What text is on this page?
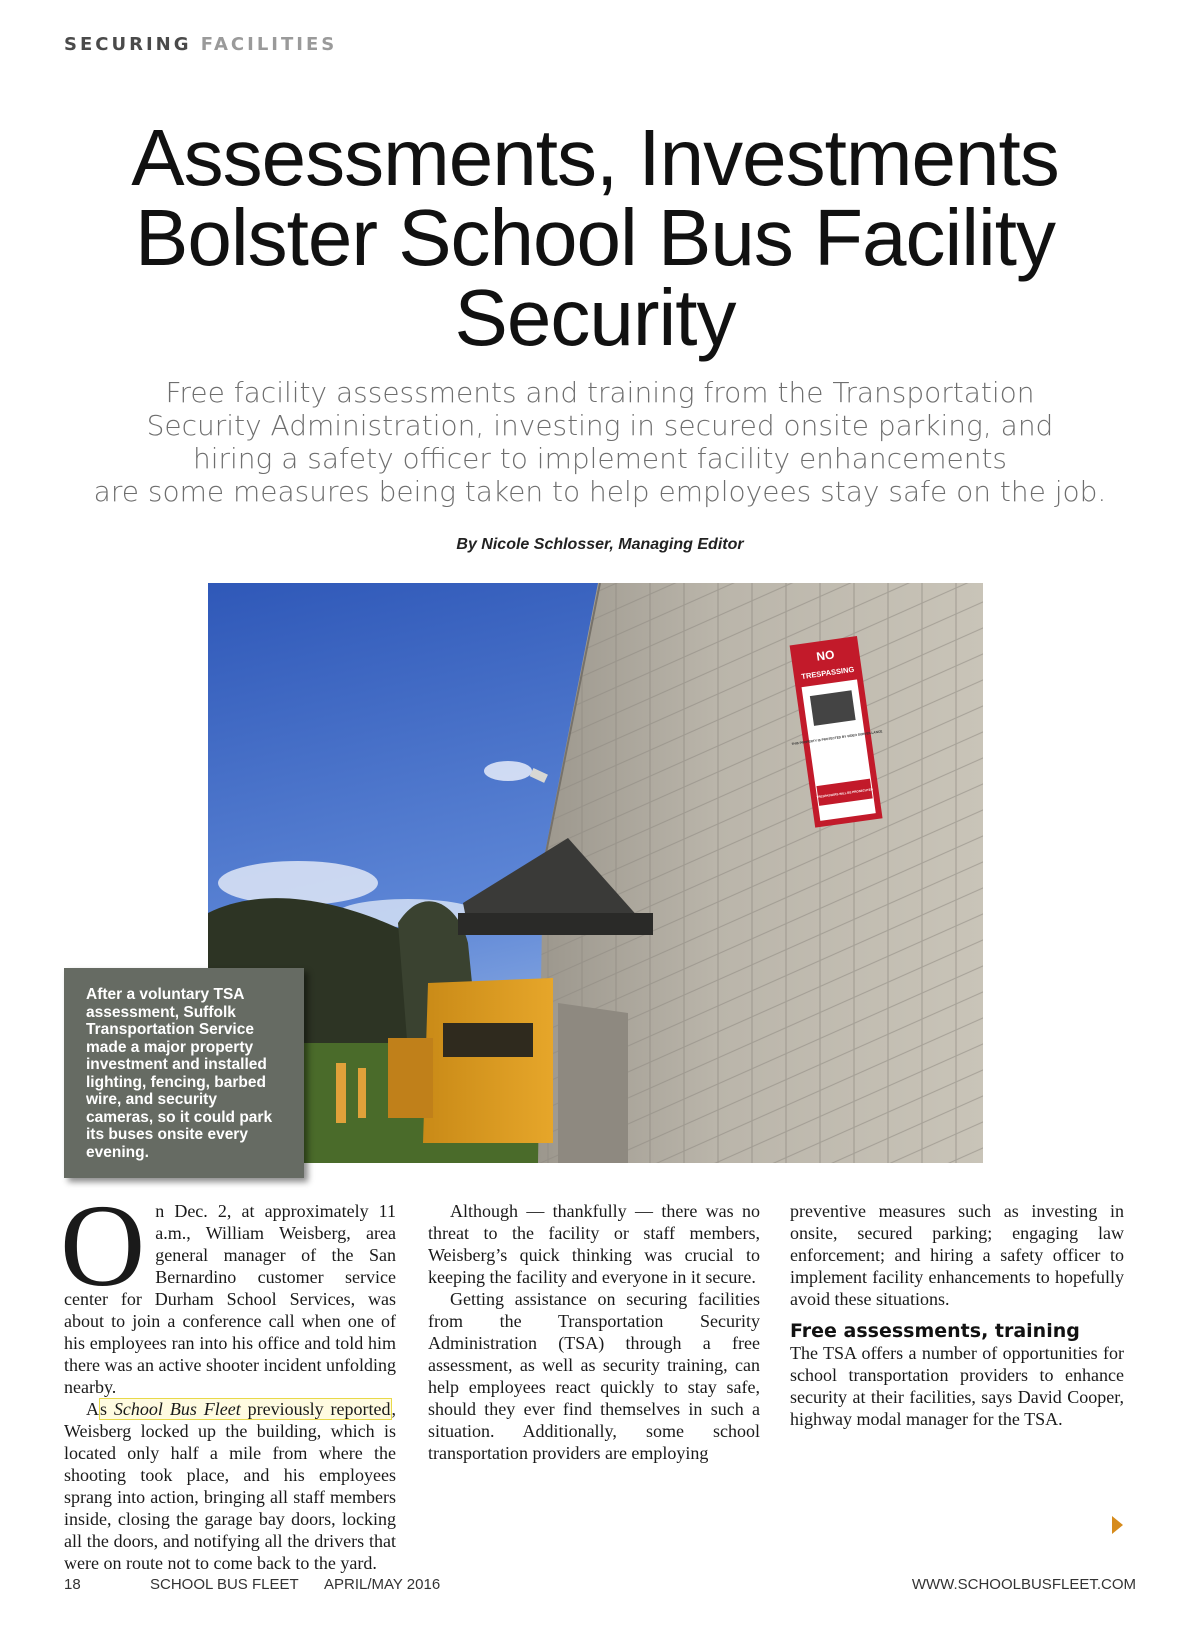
SECURING FACILITIES
Assessments, Investments Bolster School Bus Facility Security
Free facility assessments and training from the Transportation
Security Administration, investing in secured onsite parking, and
hiring a safety officer to implement facility enhancements
are some measures being taken to help employees stay safe on the job.
By Nicole Schlosser, Managing Editor
NO
TRESPASSING
THIS PROPERTY IS PROTECTED BY VIDEO SURVEILLANCE
TRESPASSERS WILL BE PROSECUTED
After a voluntary TSA assessment, Suffolk Transportation Service made a major property investment and installed lighting, fencing, barbed wire, and security cameras, so it could park its buses onsite every evening.

On Dec. 2, at approximately 11 a.m., William Weisberg, area general manager of the San Bernardino customer service center for Durham School Services, was about to join a conference call when one of his employees ran into his office and told him there was an active shooter incident unfolding nearby.

As School Bus Fleet previously reported, Weisberg locked up the building, which is located only half a mile from where the shooting took place, and his employees sprang into action, bringing all staff members inside, closing the garage bay doors, locking all the doors, and notifying all the drivers that were on route not to come back to the yard.

Although — thankfully — there was no threat to the facility or staff members, Weisberg’s quick thinking was crucial to keeping the facility and everyone in it secure.

Getting assistance on securing facilities from the Transportation Security Administration (TSA) through a free assessment, as well as security training, can help employees react quickly to stay safe, should they ever find themselves in such a situation. Additionally, some school transportation providers are employing

preventive measures such as investing in onsite, secured parking; engaging law enforcement; and hiring a safety officer to implement facility enhancements to hopefully avoid these situations.

Free assessments, training

The TSA offers a number of opportunities for school transportation providers to enhance security at their facilities, says David Cooper, highway modal manager for the TSA.

18	SCHOOL BUS FLEET APRIL/MAY 2016	WWW.SCHOOLBUSFLEET.COM
